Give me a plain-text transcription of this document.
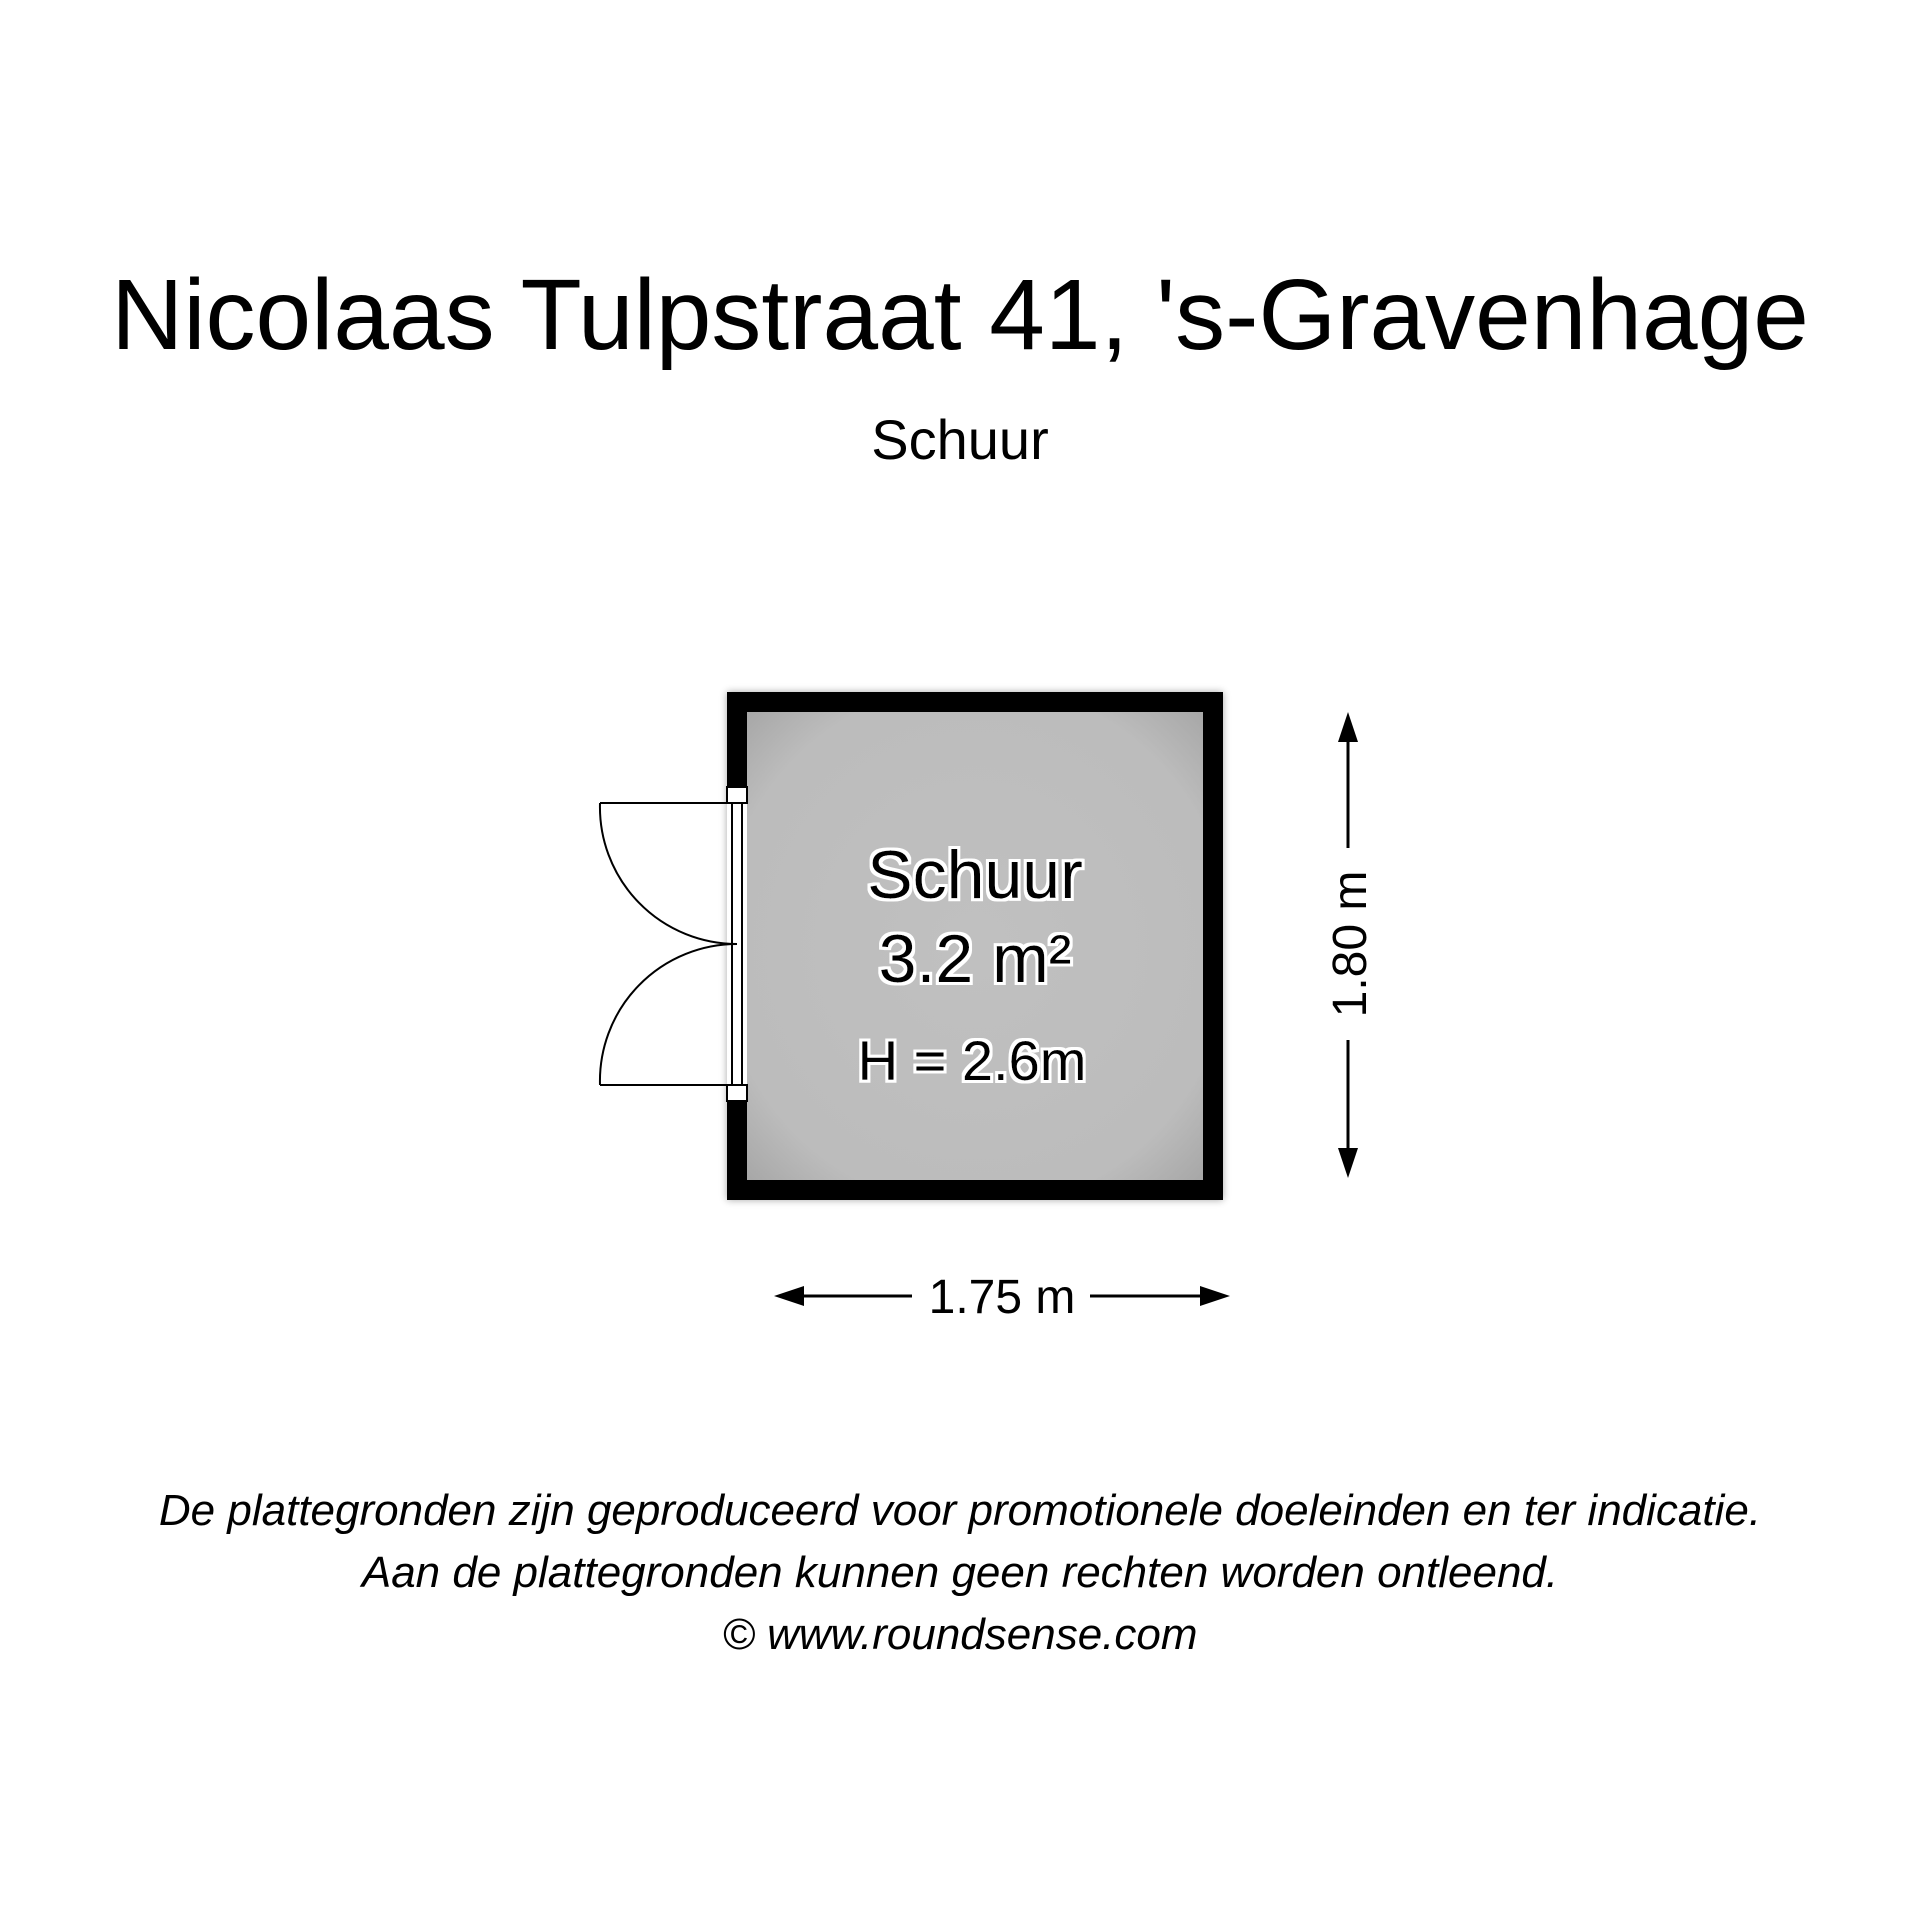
Nicolaas Tulpstraat 41, 's-Gravenhage
Schuur
Schuur
3.2 m²
H = 2.6m
1.80 m
1.75 m
De plattegronden zijn geproduceerd voor promotionele doeleinden en ter indicatie.
Aan de plattegronden kunnen geen rechten worden ontleend.
© www.roundsense.com
